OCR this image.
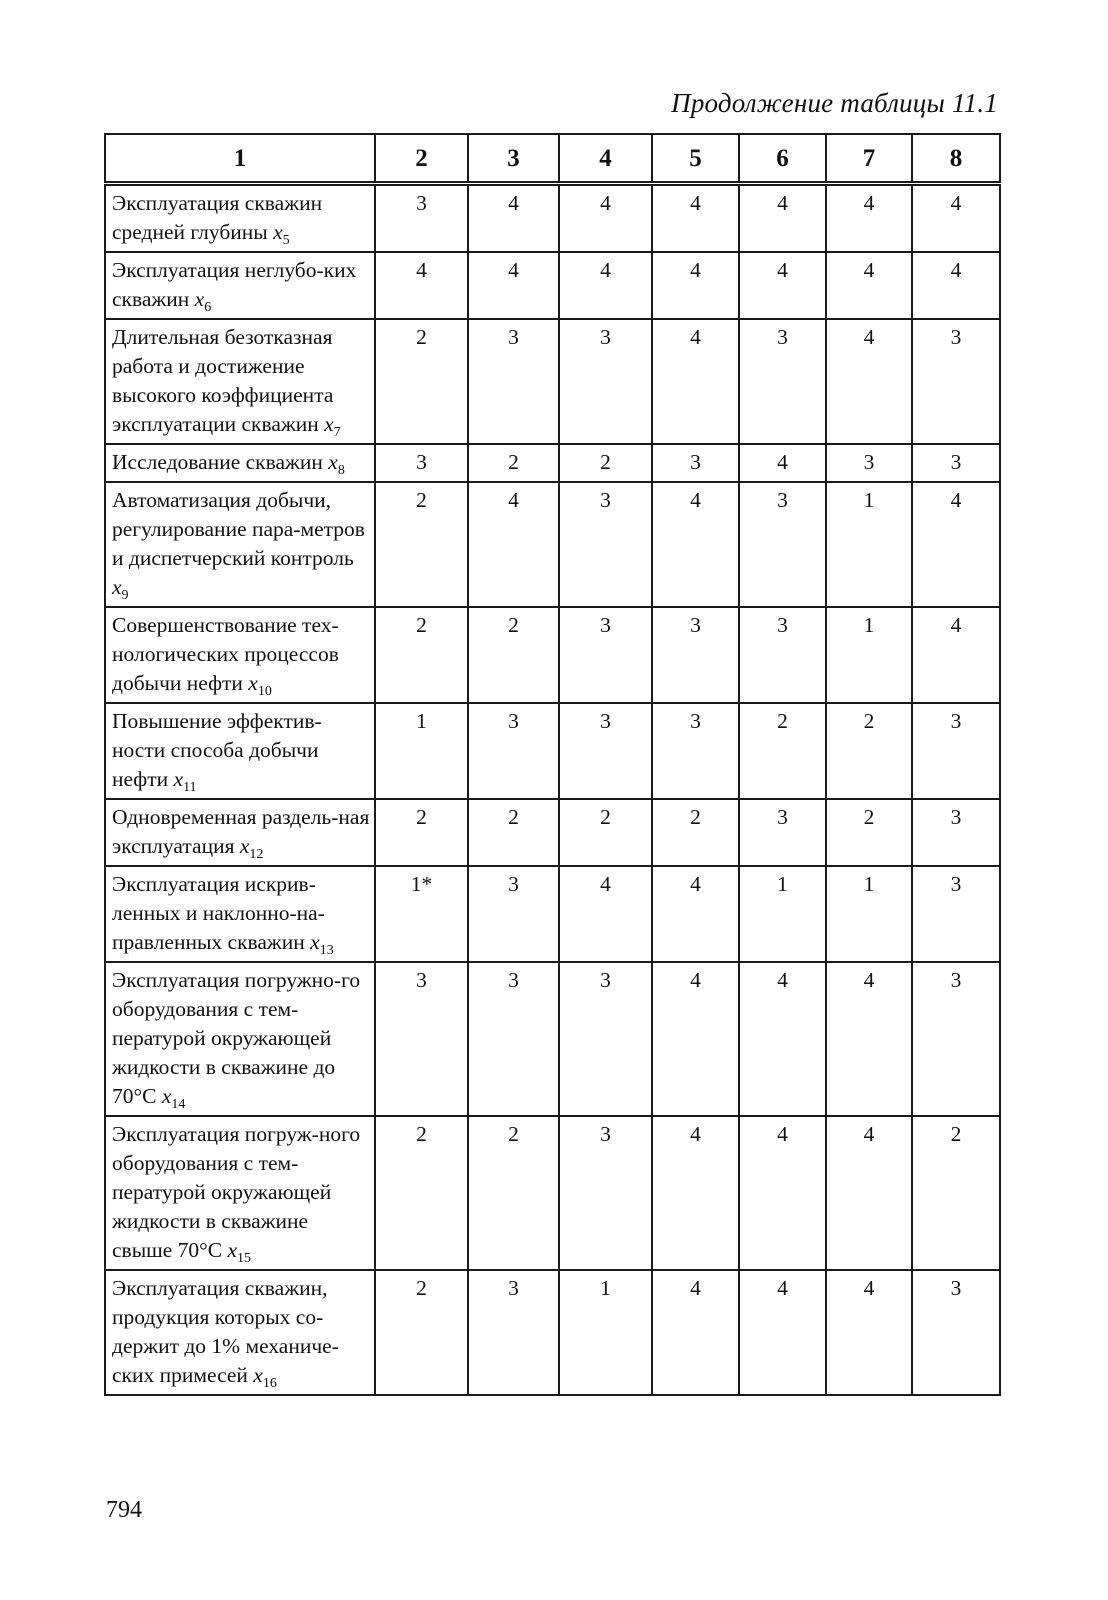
Продолжение таблицы 11.1
1	2	3	4	5	6	7	8
Эксплуатация скважин средней глубины $x_5$	3	4	4	4	4	4	4
Эксплуатация неглубо-ких скважин $x_6$	4	4	4	4	4	4	4
Длительная безотказная работа и достижение высокого коэффициента эксплуатации скважин $x_7$	2	3	3	4	3	4	3
Исследование скважин $x_8$	3	2	2	3	4	3	3
Автоматизация добычи, регулирование пара-метров и диспетчерский контроль $x_9$	2	4	3	4	3	1	4
Совершенствование тех-нологических процессов добычи нефти $x_{10}$	2	2	3	3	3	1	4
Повышение эффектив-ности способа добычи нефти $x_{11}$	1	3	3	3	2	2	3
Одновременная раздель-ная эксплуатация $x_{12}$	2	2	2	2	3	2	3
Эксплуатация искрив-ленных и наклонно-на-правленных скважин $x_{13}$	1*	3	4	4	1	1	3
Эксплуатация погружно-го оборудования с тем-пературой окружающей жидкости в скважине до 70°С $x_{14}$	3	3	3	4	4	4	3
Эксплуатация погруж-ного оборудования с тем-пературой окружающей жидкости в скважине свыше 70°С $x_{15}$	2	2	3	4	4	4	2
Эксплуатация скважин, продукция которых со-держит до 1% механиче-ских примесей $x_{16}$	2	3	1	4	4	4	3
794
